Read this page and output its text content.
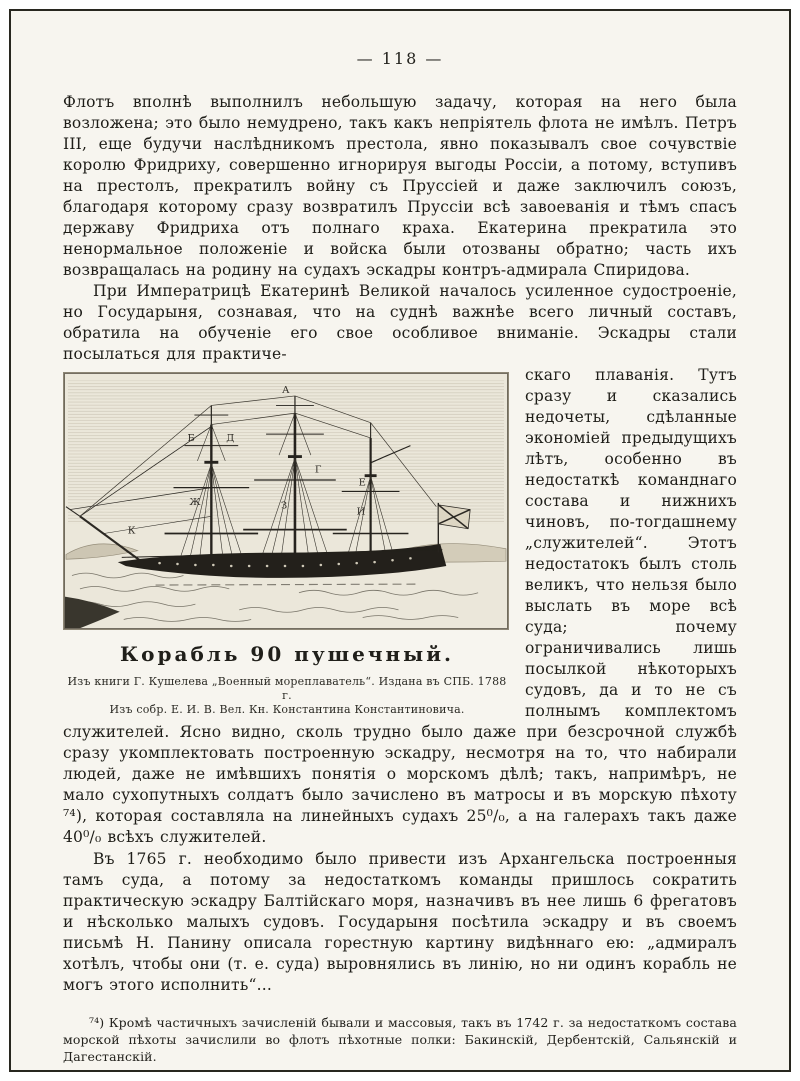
— 118 —

Флотъ вполнѣ выполнилъ небольшую задачу, которая на него была возложена; это было немудрено, такъ какъ непріятель флота не имѣлъ. Петръ III, еще будучи наслѣдникомъ престола, явно показывалъ свое сочувствіе королю Фридриху, совершенно игнорируя выгоды Россіи, а потому, вступивъ на престолъ, прекратилъ войну съ Пруссіей и даже заключилъ союзъ, благодаря которому сразу возвратилъ Пруссіи всѣ завоеванія и тѣмъ спасъ державу Фридриха отъ полнаго краха. Екатерина прекратила это ненормальное положеніе и войска были отозваны обратно; часть ихъ возвращалась на родину на судахъ эскадры контръ-адмирала Спиридова.

При Императрицѣ Екатеринѣ Великой началось усиленное судостроеніе, но Государыня, сознавая, что на суднѣ важнѣе всего личный составъ, обратила на обученіе его свое особливое вниманіе. Эскадры стали посылаться для практиче-

Б	Д
А
Г
Е
Ж	З
И
К
Корабль 90 пушечный.
Изъ книги Г. Кушелева „Военный мореплаватель“. Издана въ СПБ. 1788 г.
Изъ собр. Е. И. В. Вел. Кн. Константина Константиновича.

скаго плаванія. Тутъ сразу и сказались недочеты, сдѣланные экономіей предыдущихъ лѣтъ, особенно въ недостаткѣ команднаго состава и нижнихъ чиновъ, по-тогдашнему „служителей“. Этотъ недостатокъ былъ столь великъ, что нельзя было выслать въ море всѣ суда; почему ограничивались лишь посылкой нѣкоторыхъ судовъ, да и то не съ полнымъ комплектомъ служителей. Ясно видно, сколь трудно было даже при безсрочной службѣ сразу укомплектовать построенную эскадру, несмотря на то, что набирали людей, даже не имѣвшихъ понятія о морскомъ дѣлѣ; такъ, напримѣръ, не мало сухопутныхъ солдатъ было зачислено въ матросы и въ морскую пѣхоту ⁷⁴), которая составляла на линейныхъ судахъ 25⁰/₀, а на галерахъ такъ даже 40⁰/₀ всѣхъ служителей.

Въ 1765 г. необходимо было привести изъ Архангельска построенныя тамъ суда, а потому за недостаткомъ команды пришлось сократить практическую эскадру Балтійскаго моря, назначивъ въ нее лишь 6 фрегатовъ и нѣсколько малыхъ судовъ. Государыня посѣтила эскадру и въ своемъ письмѣ Н. Панину описала горестную картину видѣннаго ею: „адмиралъ хотѣлъ, чтобы они (т. е. суда) выровнялись въ линію, но ни одинъ корабль не могъ этого исполнить“...

⁷⁴) Кромѣ частичныхъ зачисленій бывали и массовыя, такъ въ 1742 г. за недостаткомъ состава морской пѣхоты зачислили во флотъ пѣхотные полки: Бакинскій, Дербентскій, Сальянскій и Дагестанскій.
